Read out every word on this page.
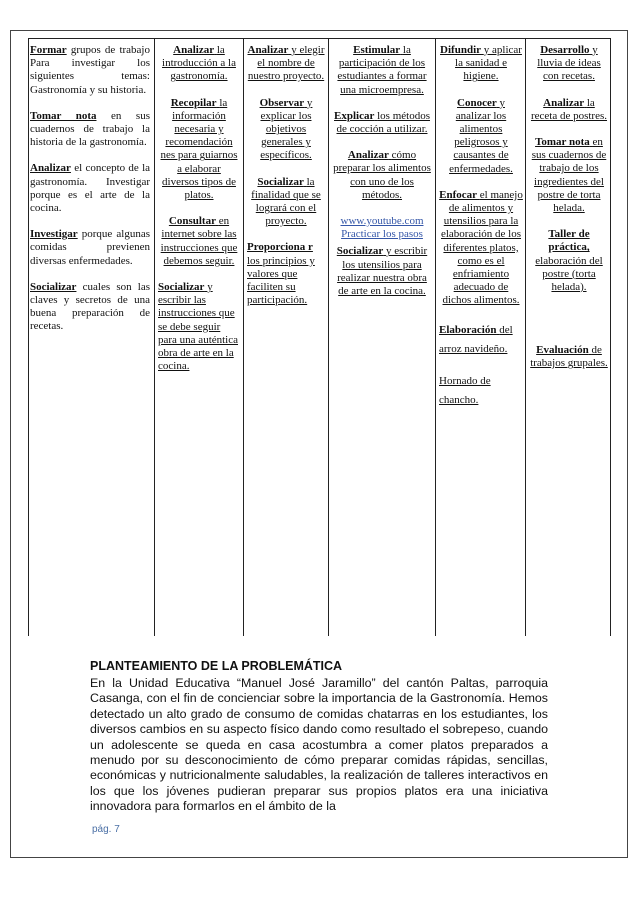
Formar grupos de trabajo Para investigar los siguientes temas: Gastronomía y su historia.

Tomar nota en sus cuadernos de trabajo la historia de la gastronomía.

Analizar el concepto de la gastronomía. Investigar porque es el arte de la cocina.

Investigar porque algunas comidas previenen diversas enfermedades.

Socializar cuales son las claves y secretos de una buena preparación de recetas.

Analizar la introducción a la gastronomía.

Recopilar la información necesaria y recomendación nes para guiarnos a elaborar diversos tipos de platos.

Consultar en internet sobre las instrucciones que debemos seguir.

Socializar y escribir las instrucciones que se debe seguir para una auténtica obra de arte en la cocina.

Analizar y elegir el nombre de nuestro proyecto.

Observar y explicar los objetivos generales y específicos.

Socializar la finalidad que se logrará con el proyecto.

Proporciona r los principios y valores que faciliten su participación.

Estimular la participación de los estudiantes a formar una microempresa.

Explicar los métodos de cocción a utilizar.

Analizar cómo preparar los alimentos con uno de los métodos.

www.youtube.com
Practicar los pasos

Socializar y escribir los utensilios para realizar nuestra obra de arte en la cocina.

Difundir y aplicar la sanidad e higiene.

Conocer y analizar los alimentos peligrosos y causantes de enfermedades.

Enfocar el manejo de alimentos y utensilios para la elaboración de los diferentes platos, como es el enfriamiento adecuado de dichos alimentos.

Elaboración del arroz navideño.

Hornado de chancho.

Desarrollo y lluvia de ideas con recetas.

Analizar la receta de postres.

Tomar nota en sus cuadernos de trabajo de los ingredientes del postre de torta helada.

Taller de práctica, elaboración del postre (torta helada).

Evaluación de trabajos grupales.

PLANTEAMIENTO DE LA PROBLEMÁTICA
En la Unidad Educativa “Manuel José Jaramillo” del cantón Paltas, parroquia Casanga, con el fin de concienciar sobre la importancia de la Gastronomía. Hemos detectado un alto grado de consumo de comidas chatarras en los estudiantes, los diversos cambios en su aspecto físico dando como resultado el sobrepeso, cuando un adolescente se queda en casa acostumbra a comer platos preparados a menudo por su desconocimiento de cómo preparar comidas rápidas, sencillas, económicas y nutricionalmente saludables, la realización de talleres interactivos en los que los jóvenes pudieran preparar sus propios platos era una iniciativa innovadora para formarlos en el ámbito de la
pág. 7
